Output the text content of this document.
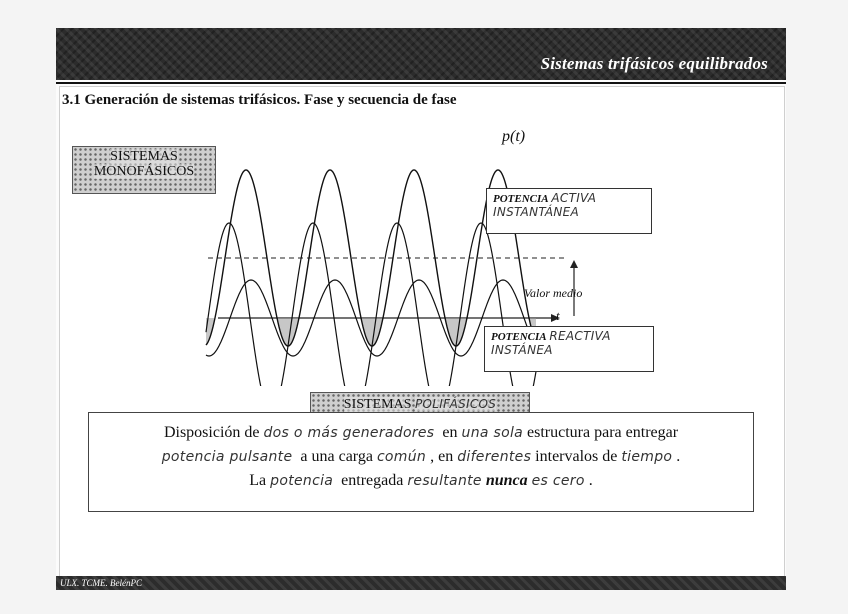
Sistemas trifásicos equilibrados
3.1 Generación de sistemas trifásicos. Fase y secuencia de fase
SISTEMAS
MONOFÁSICOS
p(t)
t
Valor medio
POTENCIA ACTIVA
INSTANTÁNEA
POTENCIA REACTIVA
INSTÁNEA
SISTEMAS POLIFÁSICOS
Disposición de dos o más generadores en una sola estructura para entregar
potencia pulsante a una carga común , en diferentes intervalos de tiempo .
La potencia entregada resultante nunca es cero .
ULX. TCME. BelénPC
